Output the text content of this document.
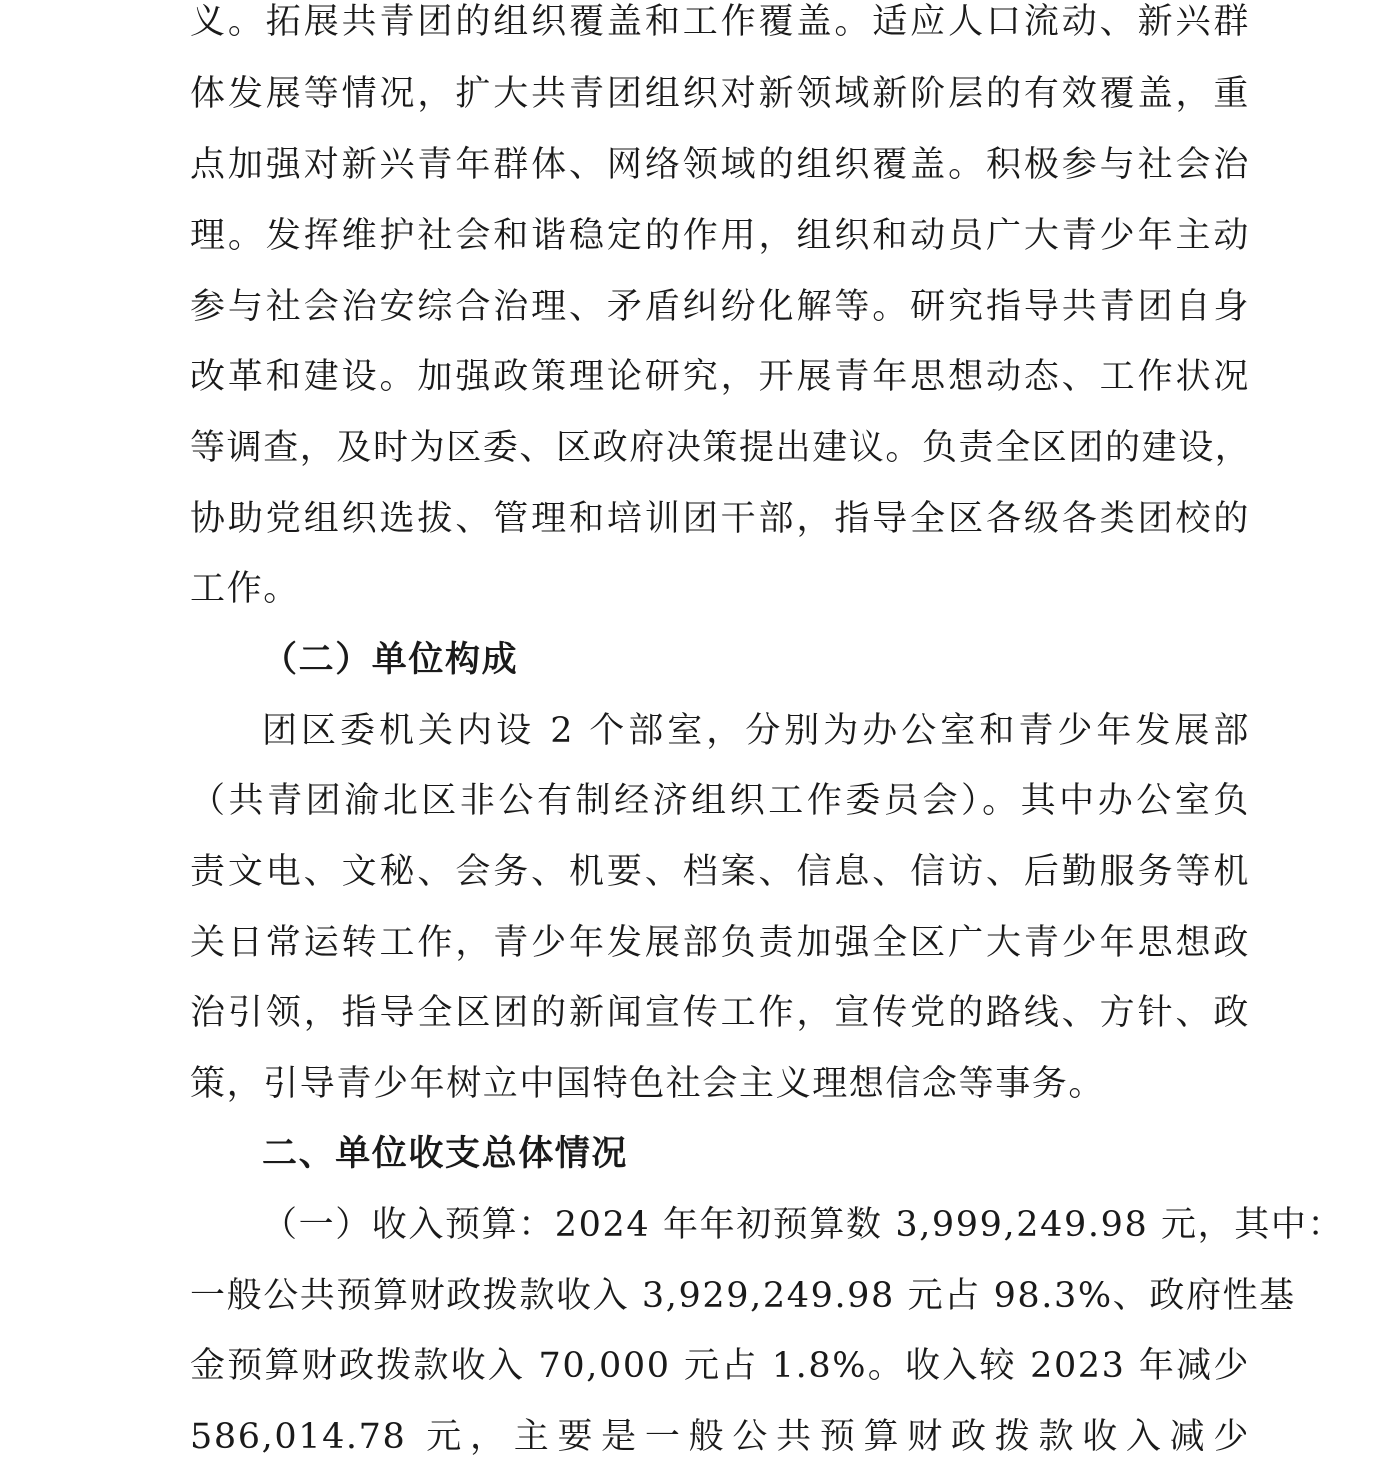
义。拓展共青团的组织覆盖和工作覆盖。适应人口流动、新兴群
体发展等情况，扩大共青团组织对新领域新阶层的有效覆盖，重
点加强对新兴青年群体、网络领域的组织覆盖。积极参与社会治
理。发挥维护社会和谐稳定的作用，组织和动员广大青少年主动
参与社会治安综合治理、矛盾纠纷化解等。研究指导共青团自身
改革和建设。加强政策理论研究，开展青年思想动态、工作状况
等调查，及时为区委、区政府决策提出建议。负责全区团的建设，
协助党组织选拔、管理和培训团干部，指导全区各级各类团校的
工作。
（二）单位构成
团区委机关内设 2 个部室，分别为办公室和青少年发展部
（共青团渝北区非公有制经济组织工作委员会）。其中办公室负
责文电、文秘、会务、机要、档案、信息、信访、后勤服务等机
关日常运转工作，青少年发展部负责加强全区广大青少年思想政
治引领，指导全区团的新闻宣传工作，宣传党的路线、方针、政
策，引导青少年树立中国特色社会主义理想信念等事务。
二、单位收支总体情况
（一）收入预算：2024 年年初预算数 3,999,249.98 元，其中：
一般公共预算财政拨款收入 3,929,249.98 元占 98.3%、政府性基
金预算财政拨款收入 70,000 元占 1.8%。收入较 2023 年减少
586,014.78 元，主要是一般公共预算财政拨款收入减少
